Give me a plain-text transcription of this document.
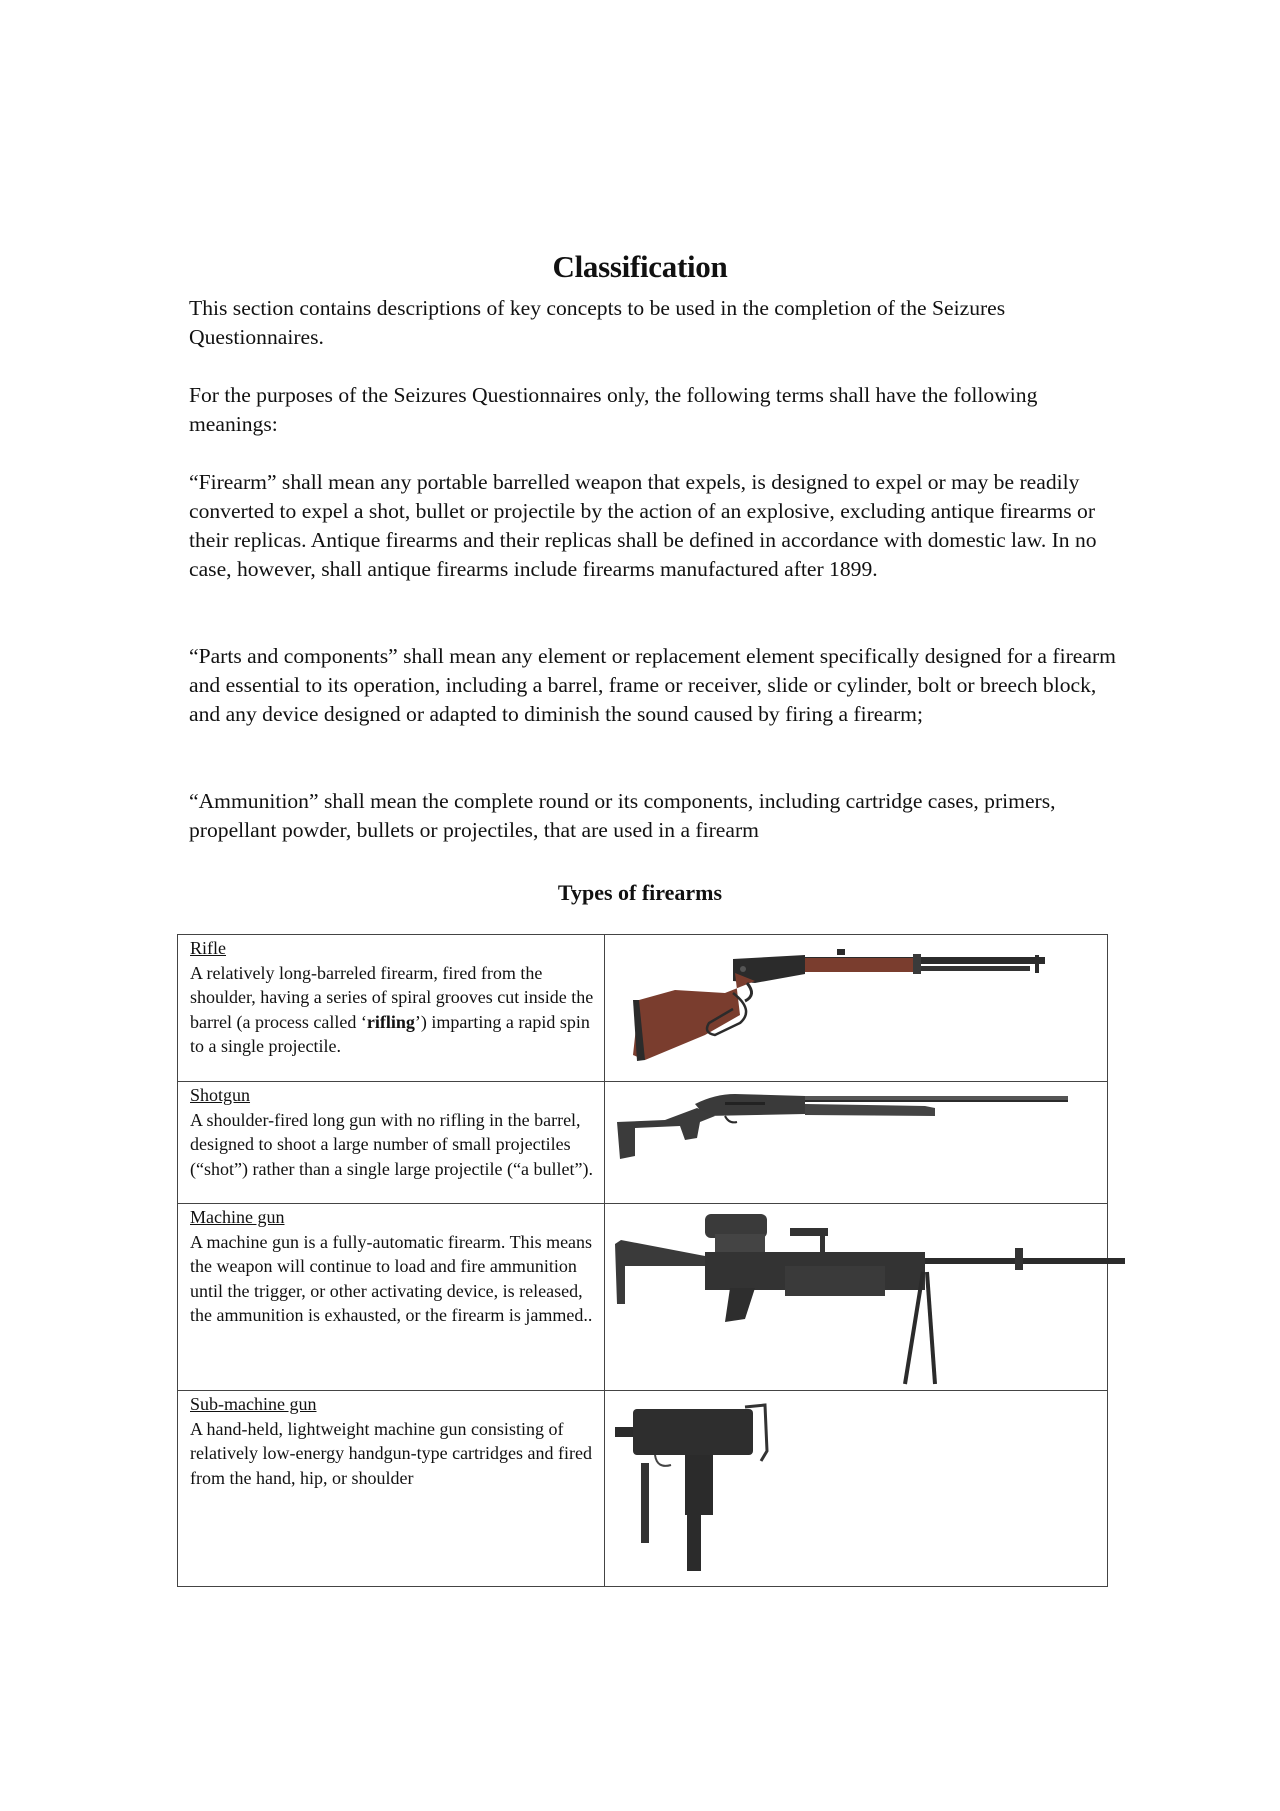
Classification

This section contains descriptions of key concepts to be used in the completion of the Seizures Questionnaires.

For the purposes of the Seizures Questionnaires only, the following terms shall have the following meanings:

“Firearm” shall mean any portable barrelled weapon that expels, is designed to expel or may be readily converted to expel a shot, bullet or projectile by the action of an explosive, excluding antique firearms or their replicas. Antique firearms and their replicas shall be defined in accordance with domestic law. In no case, however, shall antique firearms include firearms manufactured after 1899.

“Parts and components” shall mean any element or replacement element specifically designed for a firearm and essential to its operation, including a barrel, frame or receiver, slide or cylinder, bolt or breech block, and any device designed or adapted to diminish the sound caused by firing a firearm;

“Ammunition” shall mean the complete round or its components, including cartridge cases, primers, propellant powder, bullets or projectiles, that are used in a firearm

Types of firearms
Rifle
A relatively long-barreled firearm, fired from the shoulder, having a series of spiral grooves cut inside the barrel (a process called ‘rifling’) imparting a rapid spin to a single projectile.

Shotgun
A shoulder-fired long gun with no rifling in the barrel, designed to shoot a large number of small projectiles (“shot”) rather than a single large projectile (“a bullet”).

Machine gun
A machine gun is a fully-automatic firearm. This means the weapon will continue to load and fire ammunition until the trigger, or other activating device, is released, the ammunition is exhausted, or the firearm is jammed..

Sub-machine gun
A hand-held, lightweight machine gun consisting of relatively low-energy handgun-type cartridges and fired from the hand, hip, or shoulder
